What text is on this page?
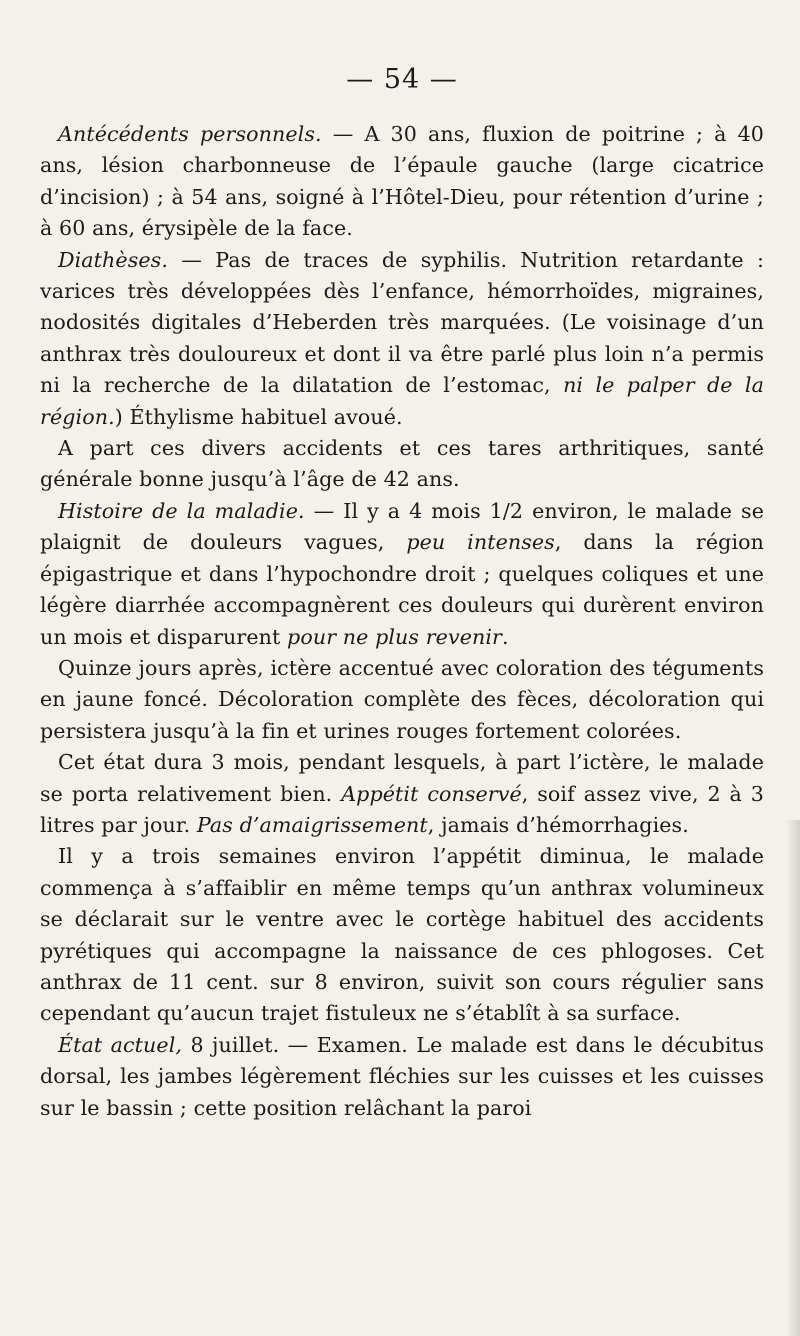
— 54 —

Antécédents personnels. — A 30 ans, fluxion de poitrine ; à 40 ans, lésion charbonneuse de l’épaule gauche (large cicatrice d’incision) ; à 54 ans, soigné à l’Hôtel-Dieu, pour rétention d’urine ; à 60 ans, érysipèle de la face.

Diathèses. — Pas de traces de syphilis. Nutrition retardante : varices très développées dès l’enfance, hémorrhoïdes, migraines, nodosités digitales d’Heberden très marquées. (Le voisinage d’un anthrax très douloureux et dont il va être parlé plus loin n’a permis ni la recherche de la dilatation de l’estomac, ni le palper de la région.) Éthylisme habituel avoué.

A part ces divers accidents et ces tares arthritiques, santé générale bonne jusqu’à l’âge de 42 ans.

Histoire de la maladie. — Il y a 4 mois 1/2 environ, le malade se plaignit de douleurs vagues, peu intenses, dans la région épigastrique et dans l’hypochondre droit ; quelques coliques et une légère diarrhée accompagnèrent ces douleurs qui durèrent environ un mois et disparurent pour ne plus revenir.

Quinze jours après, ictère accentué avec coloration des téguments en jaune foncé. Décoloration complète des fèces, décoloration qui persistera jusqu’à la fin et urines rouges fortement colorées.

Cet état dura 3 mois, pendant lesquels, à part l’ictère, le malade se porta relativement bien. Appétit conservé, soif assez vive, 2 à 3 litres par jour. Pas d’amaigrissement, jamais d’hémorrhagies.

Il y a trois semaines environ l’appétit diminua, le malade commença à s’affaiblir en même temps qu’un anthrax volumineux se déclarait sur le ventre avec le cortège habituel des accidents pyrétiques qui accompagne la naissance de ces phlogoses. Cet anthrax de 11 cent. sur 8 environ, suivit son cours régulier sans cependant qu’aucun trajet fistuleux ne s’établît à sa surface.

État actuel, 8 juillet. — Examen. Le malade est dans le décubitus dorsal, les jambes légèrement fléchies sur les cuisses et les cuisses sur le bassin ; cette position relâchant la paroi
